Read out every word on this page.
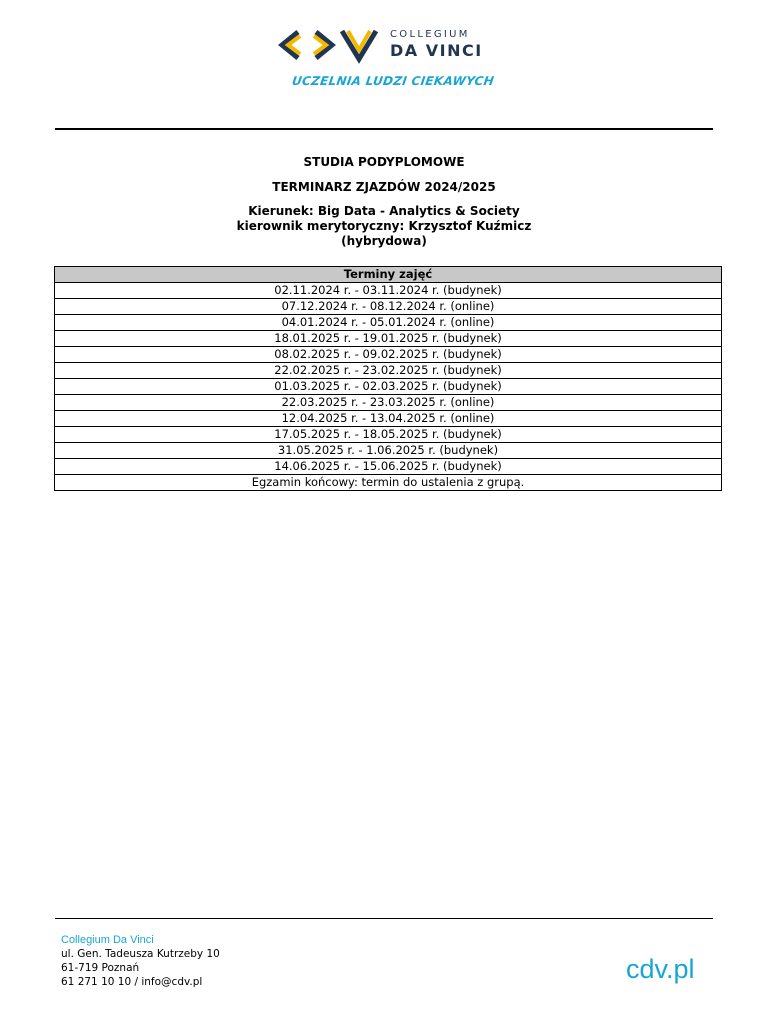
COLLEGIUM
DA VINCI
UCZELNIA LUDZI CIEKAWYCH
STUDIA PODYPLOMOWE
TERMINARZ ZJAZDÓW 2024/2025
Kierunek: Big Data - Analytics & Society
kierownik merytoryczny: Krzysztof Kuźmicz
(hybrydowa)
Terminy zajęć
02.11.2024 r. - 03.11.2024 r. (budynek)
07.12.2024 r. - 08.12.2024 r. (online)
04.01.2024 r. - 05.01.2024 r. (online)
18.01.2025 r. - 19.01.2025 r. (budynek)
08.02.2025 r. - 09.02.2025 r. (budynek)
22.02.2025 r. - 23.02.2025 r. (budynek)
01.03.2025 r. - 02.03.2025 r. (budynek)
22.03.2025 r. - 23.03.2025 r. (online)
12.04.2025 r. - 13.04.2025 r. (online)
17.05.2025 r. - 18.05.2025 r. (budynek)
31.05.2025 r. - 1.06.2025 r. (budynek)
14.06.2025 r. - 15.06.2025 r. (budynek)
Egzamin końcowy: termin do ustalenia z grupą.
Collegium Da Vinci
ul. Gen. Tadeusza Kutrzeby 10
61-719 Poznań
61 271 10 10 / info@cdv.pl	cdv.pl
